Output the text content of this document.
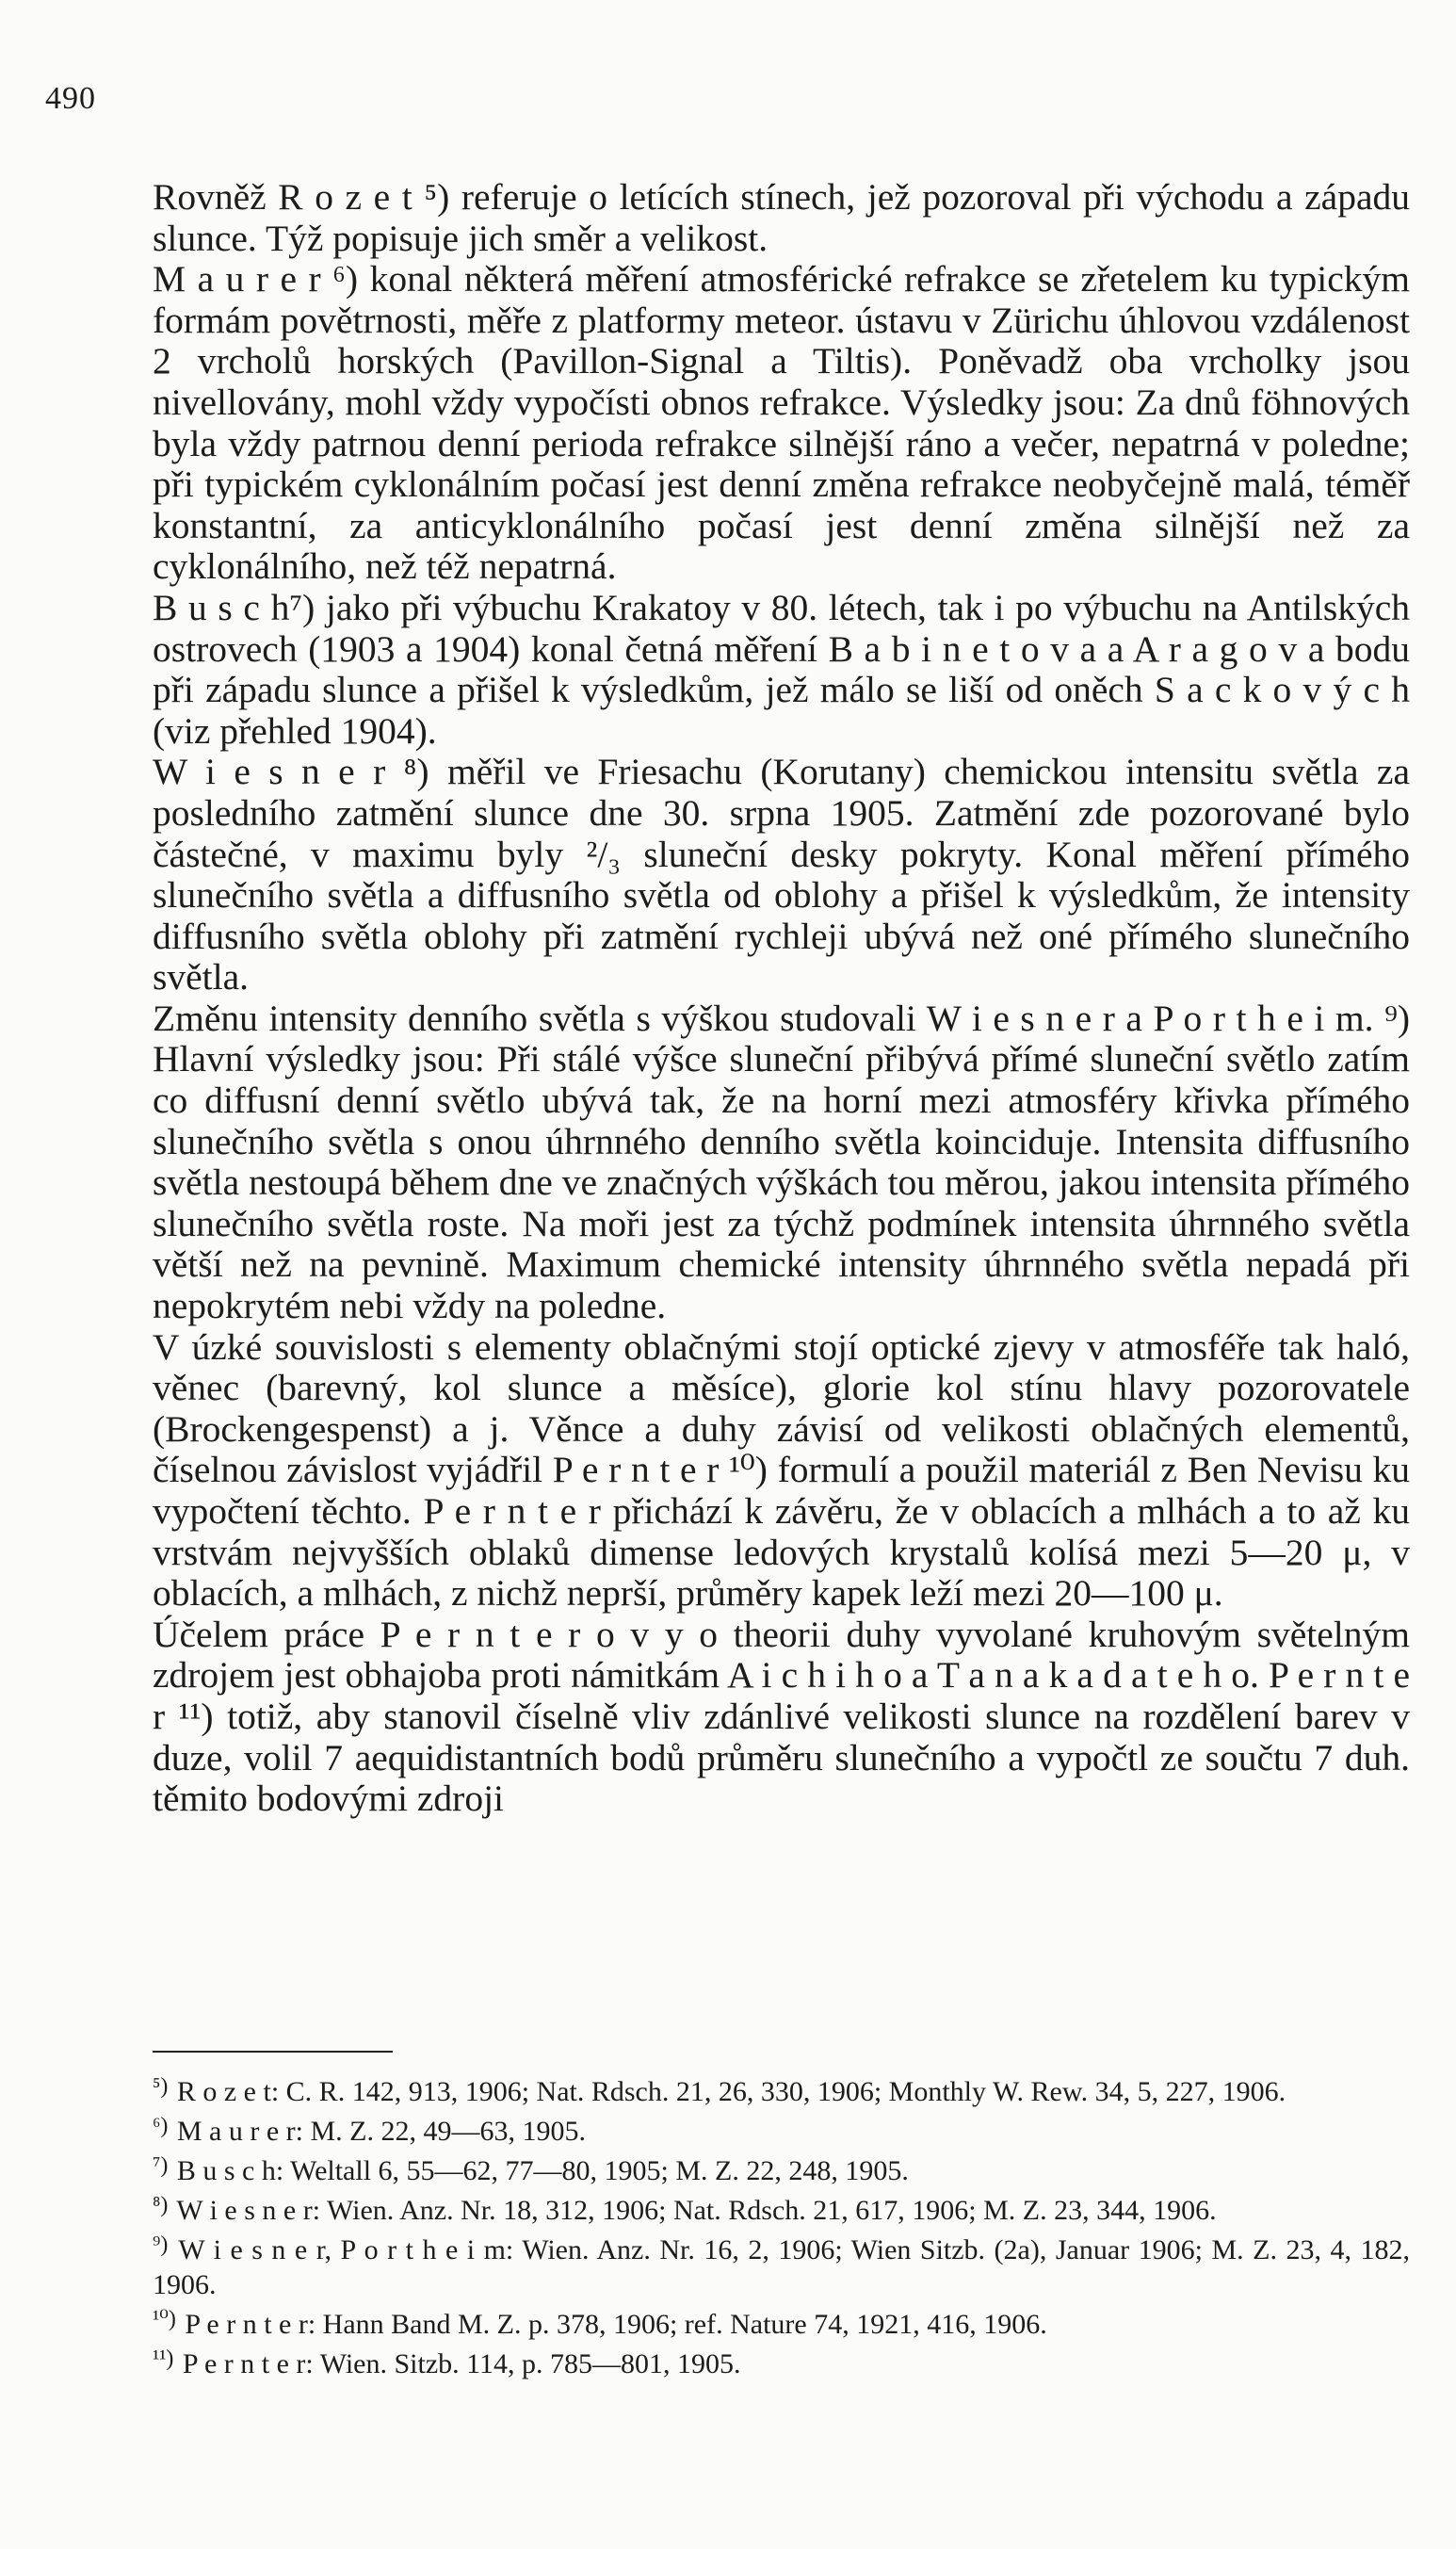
490

Rovněž R o z e t ⁵) referuje o letících stínech, jež pozoroval při východu a západu slunce. Týž popisuje jich směr a velikost.

M a u r e r ⁶) konal některá měření atmosférické refrakce se zřetelem ku typickým formám povětrnosti, měře z platformy meteor. ústavu v Zürichu úhlovou vzdálenost 2 vrcholů horských (Pavillon-Signal a Tiltis). Poněvadž oba vrcholky jsou nivellovány, mohl vždy vypočísti obnos refrakce. Výsledky jsou: Za dnů föhnových byla vždy patrnou denní perioda refrakce silnější ráno a večer, nepatrná v poledne; při typickém cyklonálním počasí jest denní změna refrakce neobyčejně malá, téměř konstantní, za anticyklonálního počasí jest denní změna silnější než za cyklonálního, než též nepatrná.

B u s c h⁷) jako při výbuchu Krakatoy v 80. létech, tak i po výbuchu na Antilských ostrovech (1903 a 1904) konal četná měření B a b i n e t o v a a A r a g o v a bodu při západu slunce a přišel k výsledkům, jež málo se liší od oněch S a c k o v ý c h (viz přehled 1904).

W i e s n e r ⁸) měřil ve Friesachu (Korutany) chemickou intensitu světla za posledního zatmění slunce dne 30. srpna 1905. Zatmění zde pozorované bylo částečné, v maximu byly ²/₃ sluneční desky pokryty. Konal měření přímého slunečního světla a diffusního světla od oblohy a přišel k výsledkům, že intensity diffusního světla oblohy při zatmění rychleji ubývá než oné přímého slunečního světla.

Změnu intensity denního světla s výškou studovali W i e s n e r a P o r t h e i m. ⁹) Hlavní výsledky jsou: Při stálé výšce sluneční přibývá přímé sluneční světlo zatím co diffusní denní světlo ubývá tak, že na horní mezi atmosféry křivka přímého slunečního světla s onou úhrnného denního světla koinciduje. Intensita diffusního světla nestoupá během dne ve značných výškách tou měrou, jakou intensita přímého slunečního světla roste. Na moři jest za týchž podmínek intensita úhrnného světla větší než na pevnině. Maximum chemické intensity úhrnného světla nepadá při nepokrytém nebi vždy na poledne.

V úzké souvislosti s elementy oblačnými stojí optické zjevy v atmosféře tak haló, věnec (barevný, kol slunce a měsíce), glorie kol stínu hlavy pozorovatele (Brockengespenst) a j. Věnce a duhy závisí od velikosti oblačných elementů, číselnou závislost vyjádřil P e r n t e r ¹⁰) formulí a použil materiál z Ben Nevisu ku vypočtení těchto. P e r n t e r přichází k závěru, že v oblacích a mlhách a to až ku vrstvám nejvyšších oblaků dimense ledových krystalů kolísá mezi 5—20 μ, v oblacích, a mlhách, z nichž neprší, průměry kapek leží mezi 20—100 μ.

Účelem práce P e r n t e r o v y o theorii duhy vyvolané kruhovým světelným zdrojem jest obhajoba proti námitkám A i c h i h o a T a n a k a d a t e h o. P e r n t e r ¹¹) totiž, aby stanovil číselně vliv zdánlivé velikosti slunce na rozdělení barev v duze, volil 7 aequidistantních bodů průměru slunečního a vypočtl ze součtu 7 duh. těmito bodovými zdroji

$^{^5)}$ R o z e t: C. R. 142, 913, 1906; Nat. Rdsch. 21, 26, 330, 1906; Monthly W. Rew. 34, 5, 227, 1906.

$^{^6)}$ M a u r e r: M. Z. 22, 49—63, 1905.

$^{^7)}$ B u s c h: Weltall 6, 55—62, 77—80, 1905; M. Z. 22, 248, 1905.

$^{^8)}$ W i e s n e r: Wien. Anz. Nr. 18, 312, 1906; Nat. Rdsch. 21, 617, 1906; M. Z. 23, 344, 1906.

$^{^9)}$ W i e s n e r, P o r t h e i m: Wien. Anz. Nr. 16, 2, 1906; Wien Sitzb. (2a), Januar 1906; M. Z. 23, 4, 182, 1906.

$^{^{10})}$ P e r n t e r: Hann Band M. Z. p. 378, 1906; ref. Nature 74, 1921, 416, 1906.

$^{^{11})}$ P e r n t e r: Wien. Sitzb. 114, p. 785—801, 1905.
